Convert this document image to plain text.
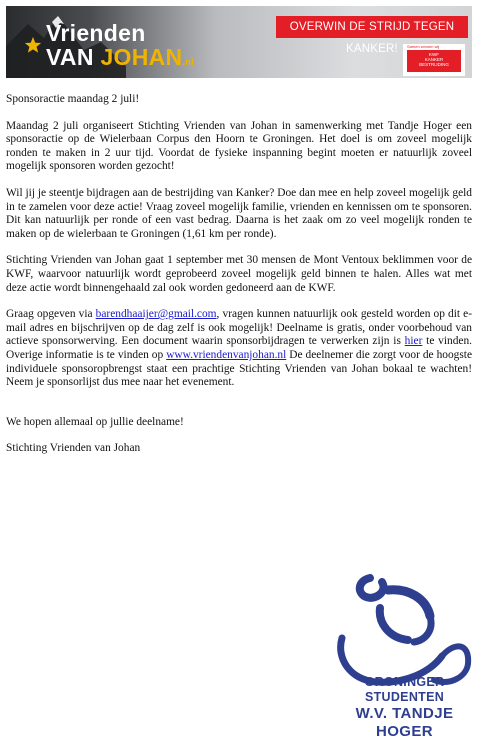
Vrienden
VAN JOHAN.nl
OVERWIN DE STRIJD TEGEN KANKER!	Samen winnen wij
KWF
KANKER
BESTRIJDING

Sponsoractie maandag 2 juli!

Maandag 2 juli organiseert Stichting Vrienden van Johan in samenwerking met Tandje Hoger een sponsoractie op de Wielerbaan Corpus den Hoorn te Groningen. Het doel is om zoveel mogelijk ronden te maken in 2 uur tijd. Voordat de fysieke inspanning begint moeten er natuurlijk zoveel mogelijk sponsoren worden gezocht!

Wil jij je steentje bijdragen aan de bestrijding van Kanker? Doe dan mee en help zoveel mogelijk geld in te zamelen voor deze actie! Vraag zoveel mogelijk familie, vrienden en kennissen om te sponsoren. Dit kan natuurlijk per ronde of een vast bedrag. Daarna is het zaak om zo veel mogelijk ronden te maken op de wielerbaan te Groningen (1,61 km per ronde).

Stichting Vrienden van Johan gaat 1 september met 30 mensen de Mont Ventoux beklimmen voor de KWF, waarvoor natuurlijk wordt geprobeerd zoveel mogelijk geld binnen te halen. Alles wat met deze actie wordt binnengehaald zal ook worden gedoneerd aan de KWF.

Graag opgeven via barendhaaijer@gmail.com, vragen kunnen natuurlijk ook gesteld worden op dit e-mail adres en bijschrijven op de dag zelf is ook mogelijk! Deelname is gratis, onder voorbehoud van actieve sponsorwerving. Een document waarin sponsorbijdragen te verwerken zijn is hier te vinden. Overige informatie is te vinden op www.vriendenvanjohan.nl De deelnemer die zorgt voor de hoogste individuele sponsoropbrengst staat een prachtige Stichting Vrienden van Johan bokaal te wachten! Neem je sponsorlijst dus mee naar het evenement.

We hopen allemaal op jullie deelname!

Stichting Vrienden van Johan

GRONINGER STUDENTEN
W.V. TANDJE HOGER
